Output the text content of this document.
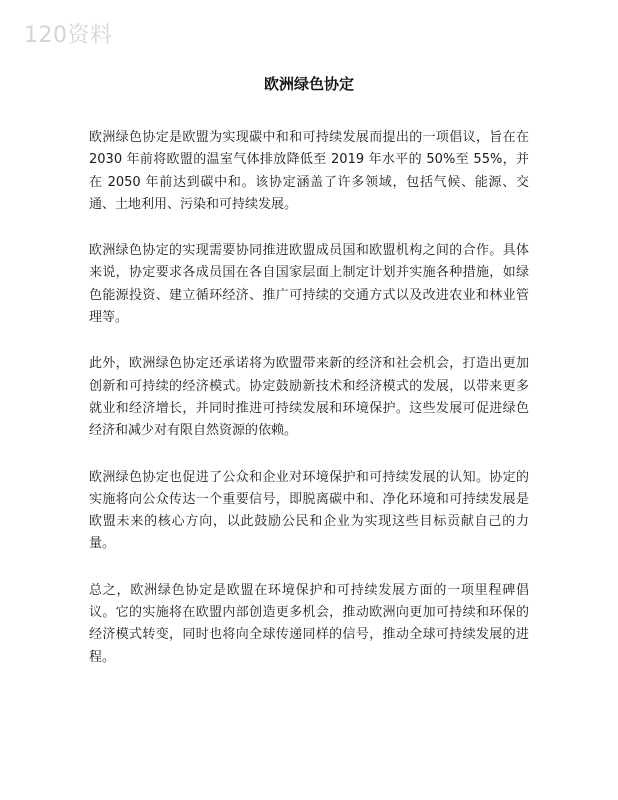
120资料
欧洲绿色协定

欧洲绿色协定是欧盟为实现碳中和和可持续发展而提出的一项倡议，旨在在 2030 年前将欧盟的温室气体排放降低至 2019 年水平的 50%至 55%，并在 2050 年前达到碳中和。该协定涵盖了许多领域，包括气候、能源、交通、土地利用、污染和可持续发展。

欧洲绿色协定的实现需要协同推进欧盟成员国和欧盟机构之间的合作。具体来说，协定要求各成员国在各自国家层面上制定计划并实施各种措施，如绿色能源投资、建立循环经济、推广可持续的交通方式以及改进农业和林业管理等。

此外，欧洲绿色协定还承诺将为欧盟带来新的经济和社会机会，打造出更加创新和可持续的经济模式。协定鼓励新技术和经济模式的发展，以带来更多就业和经济增长，并同时推进可持续发展和环境保护。这些发展可促进绿色经济和减少对有限自然资源的依赖。

欧洲绿色协定也促进了公众和企业对环境保护和可持续发展的认知。协定的实施将向公众传达一个重要信号，即脱离碳中和、净化环境和可持续发展是欧盟未来的核心方向，以此鼓励公民和企业为实现这些目标贡献自己的力量。

总之，欧洲绿色协定是欧盟在环境保护和可持续发展方面的一项里程碑倡议。它的实施将在欧盟内部创造更多机会，推动欧洲向更加可持续和环保的经济模式转变，同时也将向全球传递同样的信号，推动全球可持续发展的进程。
